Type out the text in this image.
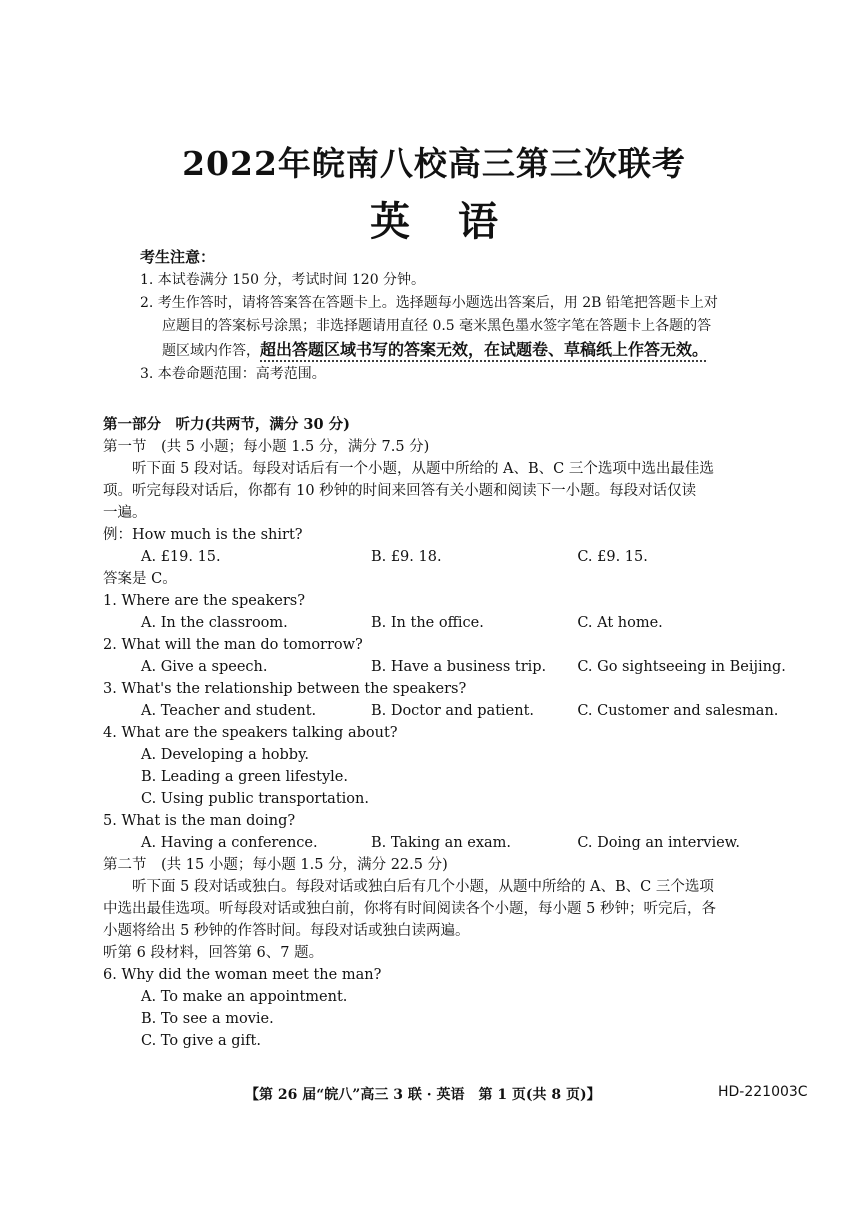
2022年皖南八校高三第三次联考
英语
考生注意：
1. 本试卷满分 150 分，考试时间 120 分钟。
2. 考生作答时，请将答案答在答题卡上。选择题每小题选出答案后，用 2B 铅笔把答题卡上对
应题目的答案标号涂黑；非选择题请用直径 0.5 毫米黑色墨水签字笔在答题卡上各题的答
题区域内作答，超出答题区域书写的答案无效，在试题卷、草稿纸上作答无效。
3. 本卷命题范围：高考范围。

第一部分　听力(共两节，满分 30 分)

第一节　(共 5 小题；每小题 1.5 分，满分 7.5 分)

听下面 5 段对话。每段对话后有一个小题，从题中所给的 A、B、C 三个选项中选出最佳选

项。听完每段对话后，你都有 10 秒钟的时间来回答有关小题和阅读下一小题。每段对话仅读

一遍。

例：How much is the shirt?

A. £19. 15.	B. £9. 18.	C. £9. 15.

答案是 C。

1. Where are the speakers?

A. In the classroom.	B. In the office.	C. At home.

2. What will the man do tomorrow?

A. Give a speech.	B. Have a business trip.	C. Go sightseeing in Beijing.

3. What's the relationship between the speakers?

A. Teacher and student.	B. Doctor and patient.	C. Customer and salesman.

4. What are the speakers talking about?

A. Developing a hobby.

B. Leading a green lifestyle.

C. Using public transportation.

5. What is the man doing?

A. Having a conference.	B. Taking an exam.	C. Doing an interview.

第二节　(共 15 小题；每小题 1.5 分，满分 22.5 分)

听下面 5 段对话或独白。每段对话或独白后有几个小题，从题中所给的 A、B、C 三个选项

中选出最佳选项。听每段对话或独白前，你将有时间阅读各个小题，每小题 5 秒钟；听完后，各

小题将给出 5 秒钟的作答时间。每段对话或独白读两遍。

听第 6 段材料，回答第 6、7 题。

6. Why did the woman meet the man?

A. To make an appointment.

B. To see a movie.

C. To give a gift.

【第 26 届“皖八”高三 3 联 · 英语　第 1 页(共 8 页)】	HD-221003C
